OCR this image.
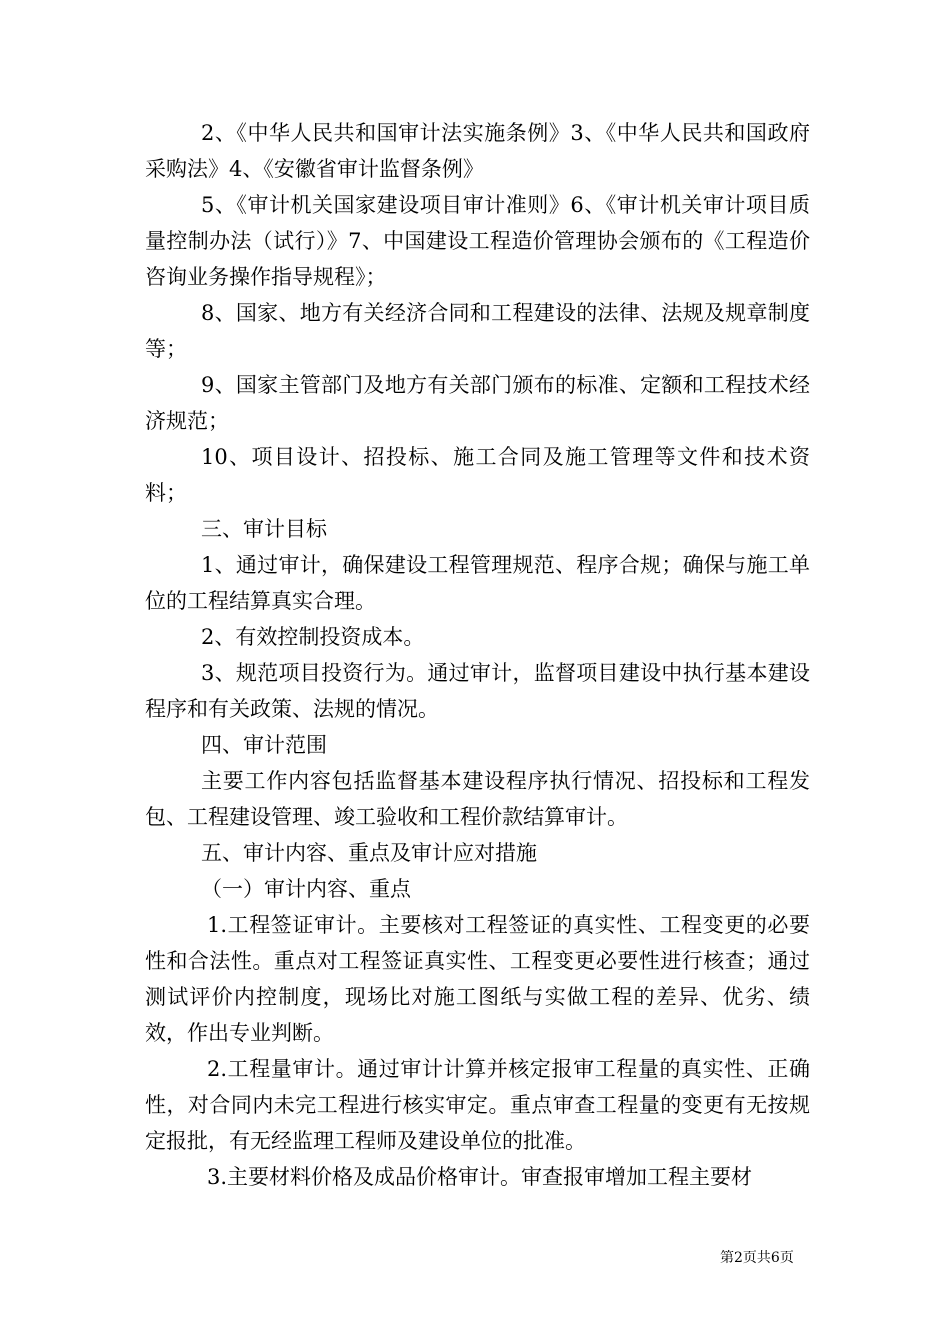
2、《中华人民共和国审计法实施条例》3、《中华人民共和国政府采购法》4、《安徽省审计监督条例》

5、《审计机关国家建设项目审计准则》6、《审计机关审计项目质量控制办法（试行）》7、中国建设工程造价管理协会颁布的《工程造价咨询业务操作指导规程》；

8、国家、地方有关经济合同和工程建设的法律、法规及规章制度等；

9、国家主管部门及地方有关部门颁布的标准、定额和工程技术经济规范；

10、项目设计、招投标、施工合同及施工管理等文件和技术资料；

三、审计目标

1、通过审计，确保建设工程管理规范、程序合规；确保与施工单位的工程结算真实合理。

2、有效控制投资成本。

3、规范项目投资行为。通过审计，监督项目建设中执行基本建设程序和有关政策、法规的情况。

四、审计范围

主要工作内容包括监督基本建设程序执行情况、招投标和工程发包、工程建设管理、竣工验收和工程价款结算审计。

五、审计内容、重点及审计应对措施

（一）审计内容、重点

1.工程签证审计。主要核对工程签证的真实性、工程变更的必要性和合法性。重点对工程签证真实性、工程变更必要性进行核查；通过测试评价内控制度，现场比对施工图纸与实做工程的差异、优劣、绩效，作出专业判断。

2.工程量审计。通过审计计算并核定报审工程量的真实性、正确性，对合同内未完工程进行核实审定。重点审查工程量的变更有无按规定报批，有无经监理工程师及建设单位的批准。

3.主要材料价格及成品价格审计。审查报审增加工程主要材

第2页共6页
